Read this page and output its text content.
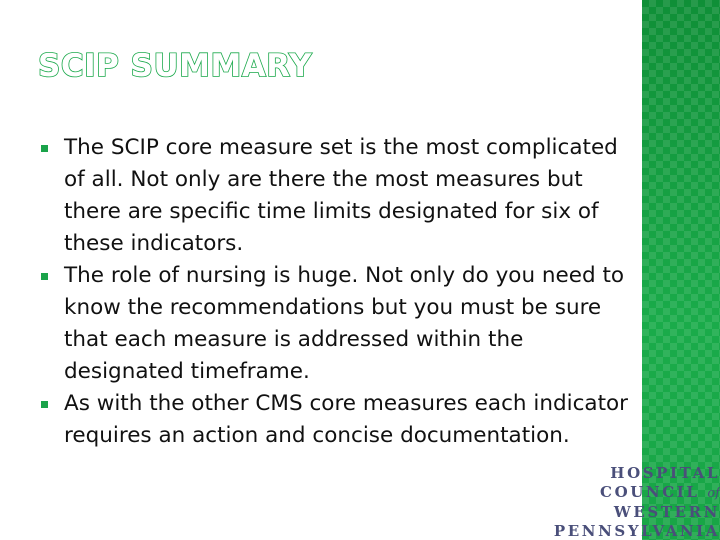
SCIP SUMMARY
The SCIP core measure set is the most complicated of all. Not only are there the most measures but there are specific time limits designated for six of these indicators.
The role of nursing is huge. Not only do you need to know the recommendations but you must be sure that each measure is addressed within the designated timeframe.
As with the other CMS core measures each indicator requires an action and concise documentation.
HOSPITAL
COUNCIL of
WESTERN
PENNSYLVANIA
